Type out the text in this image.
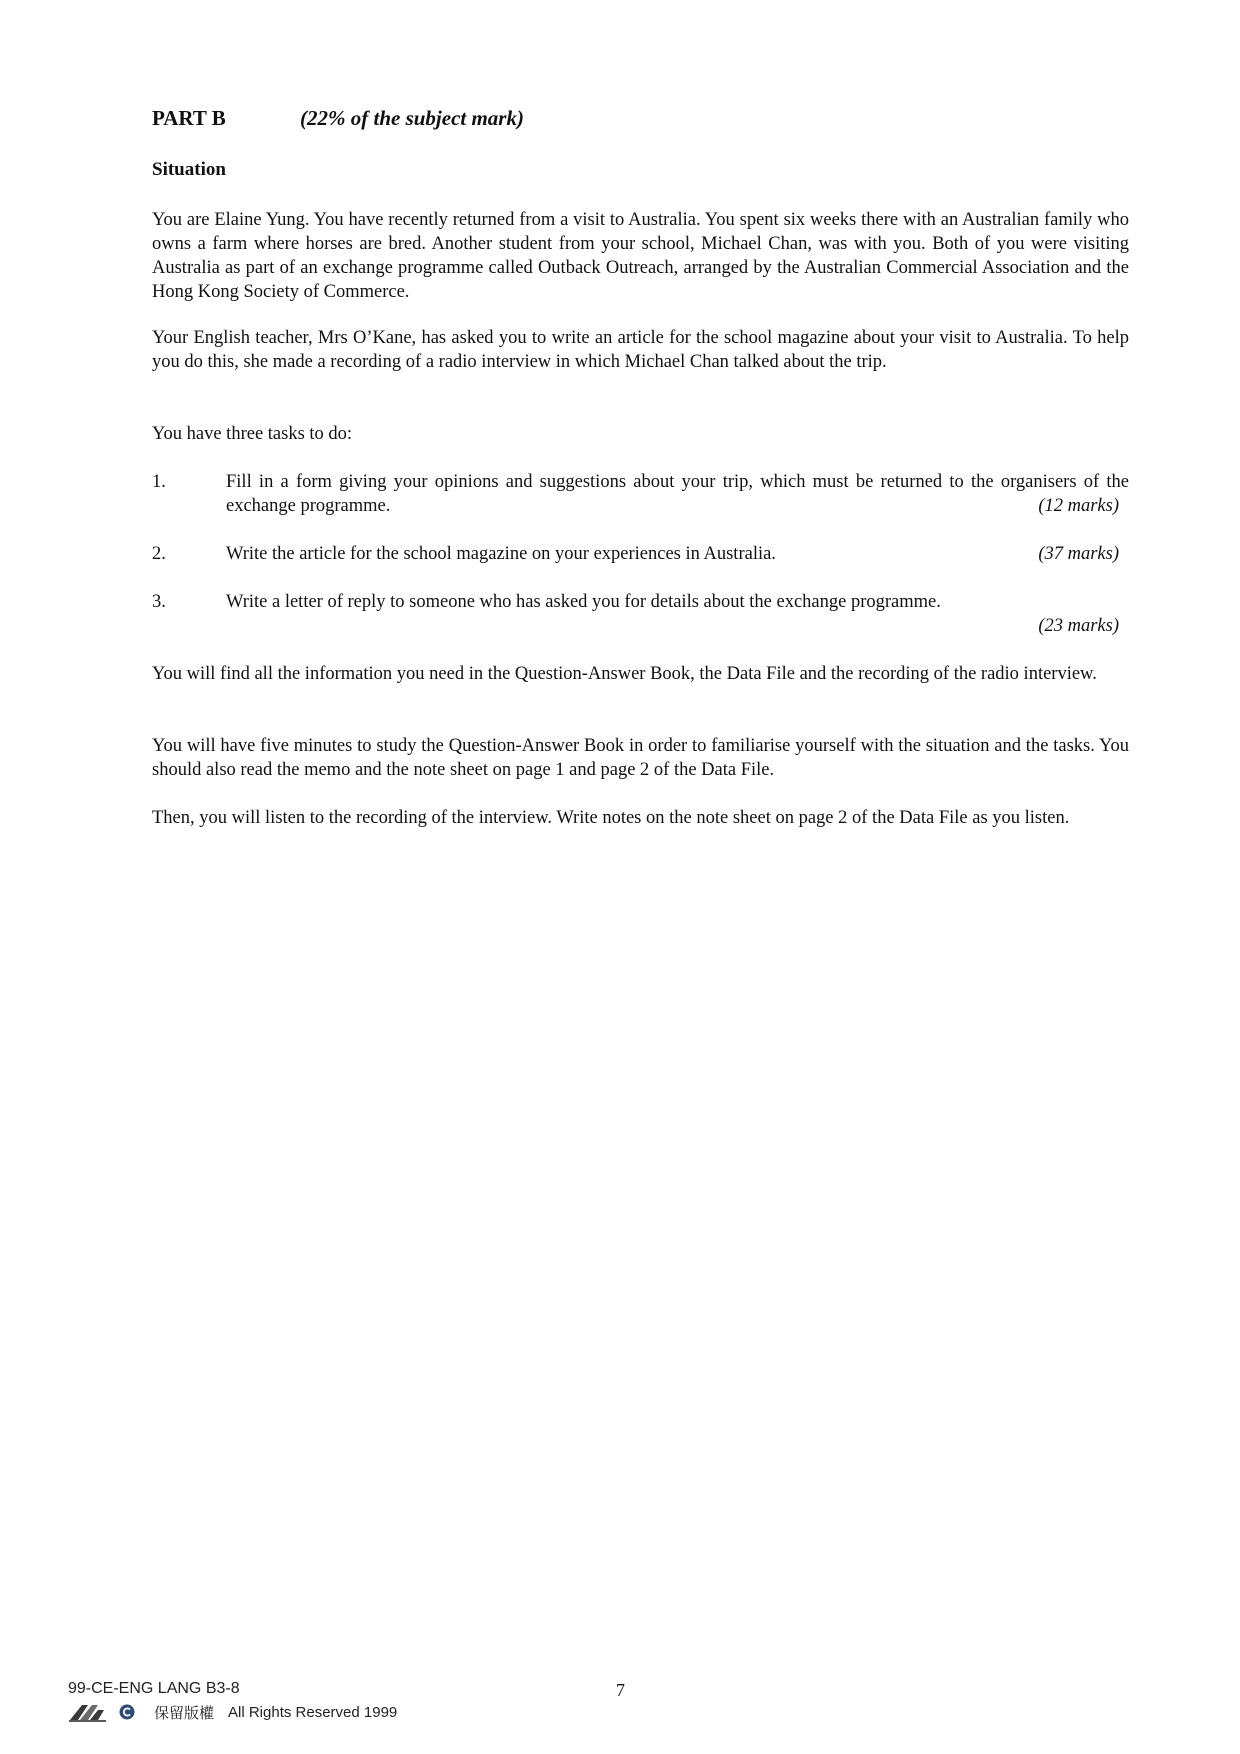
PART B	(22% of the subject mark)
Situation

You are Elaine Yung. You have recently returned from a visit to Australia. You spent six weeks there with an Australian family who owns a farm where horses are bred. Another student from your school, Michael Chan, was with you. Both of you were visiting Australia as part of an exchange programme called Outback Outreach, arranged by the Australian Commercial Association and the Hong Kong Society of Commerce.

Your English teacher, Mrs O’Kane, has asked you to write an article for the school magazine about your visit to Australia. To help you do this, she made a recording of a radio interview in which Michael Chan talked about the trip.

You have three tasks to do:

1.	Fill in a form giving your opinions and suggestions about your trip, which must be returned to the organisers of the exchange programme.	(12 marks)
2.	Write the article for the school magazine on your experiences in Australia.	(37 marks)
3.	Write a letter of reply to someone who has asked you for details about the exchange programme.
(23 marks)

You will find all the information you need in the Question-Answer Book, the Data File and the recording of the radio interview.

You will have five minutes to study the Question-Answer Book in order to familiarise yourself with the situation and the tasks. You should also read the memo and the note sheet on page 1 and page 2 of the Data File.

Then, you will listen to the recording of the interview. Write notes on the note sheet on page 2 of the Data File as you listen.

99-CE-ENG LANG B3-8	7
保留版權 All Rights Reserved 1999
